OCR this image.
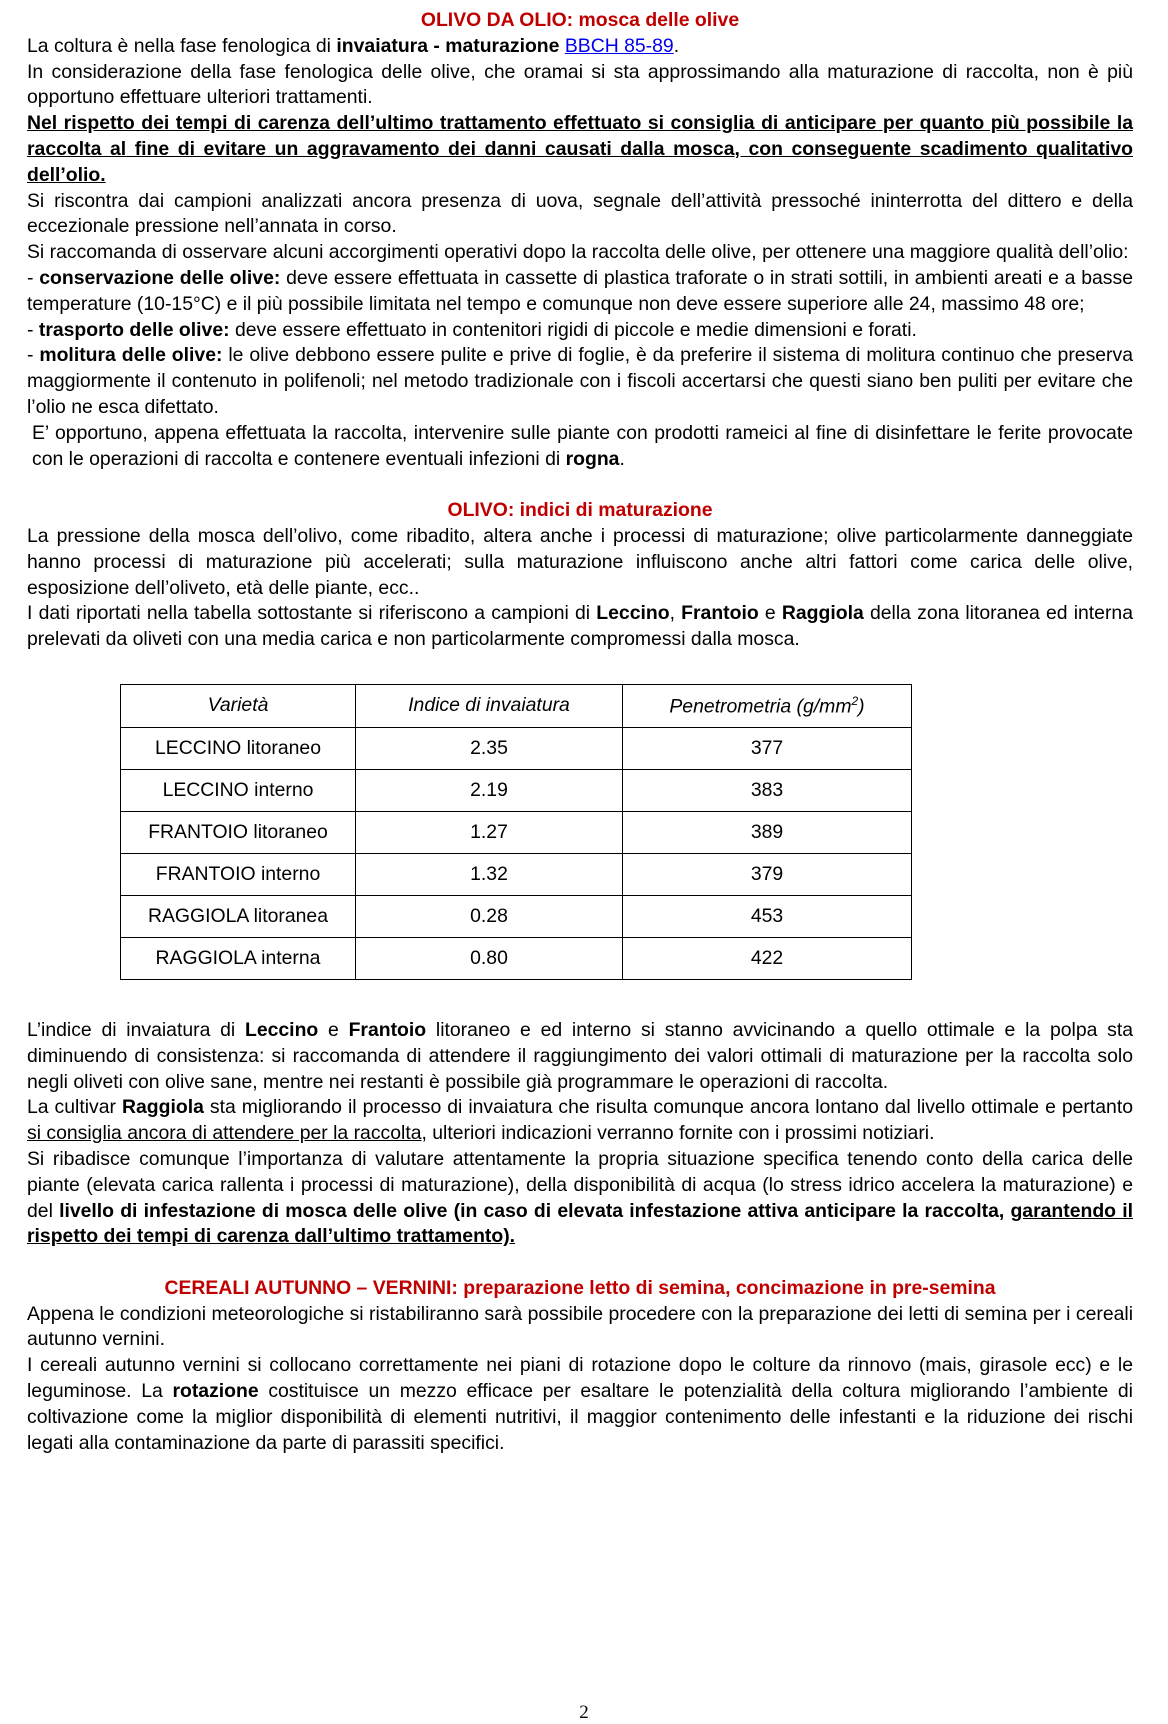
OLIVO DA OLIO: mosca delle olive

La coltura è nella fase fenologica di invaiatura - maturazione BBCH 85-89.

In considerazione della fase fenologica delle olive, che oramai si sta approssimando alla maturazione di raccolta, non è più opportuno effettuare ulteriori trattamenti.

Nel rispetto dei tempi di carenza dell’ultimo trattamento effettuato si consiglia di anticipare per quanto più possibile la raccolta al fine di evitare un aggravamento dei danni causati dalla mosca, con conseguente scadimento qualitativo dell’olio.

Si riscontra dai campioni analizzati ancora presenza di uova, segnale dell’attività pressoché ininterrotta del dittero e della eccezionale pressione nell’annata in corso.

Si raccomanda di osservare alcuni accorgimenti operativi dopo la raccolta delle olive, per ottenere una maggiore qualità dell’olio:

- conservazione delle olive: deve essere effettuata in cassette di plastica traforate o in strati sottili, in ambienti areati e a basse temperature (10-15°C) e il più possibile limitata nel tempo e comunque non deve essere superiore alle 24, massimo 48 ore;

- trasporto delle olive: deve essere effettuato in contenitori rigidi di piccole e medie dimensioni e forati.

- molitura delle olive: le olive debbono essere pulite e prive di foglie, è da preferire il sistema di molitura continuo che preserva maggiormente il contenuto in polifenoli; nel metodo tradizionale con i fiscoli accertarsi che questi siano ben puliti per evitare che l’olio ne esca difettato.

E’ opportuno, appena effettuata la raccolta, intervenire sulle piante con prodotti rameici al fine di disinfettare le ferite provocate con le operazioni di raccolta e contenere eventuali infezioni di rogna.

OLIVO: indici di maturazione

La pressione della mosca dell’olivo, come ribadito, altera anche i processi di maturazione; olive particolarmente danneggiate hanno processi di maturazione più accelerati; sulla maturazione influiscono anche altri fattori come carica delle olive, esposizione dell’oliveto, età delle piante, ecc..

I dati riportati nella tabella sottostante si riferiscono a campioni di Leccino, Frantoio e Raggiola della zona litoranea ed interna prelevati da oliveti con una media carica e non particolarmente compromessi dalla mosca.

Varietà	Indice di invaiatura	Penetrometria $(g/mm^2)$
LECCINO litoraneo	2.35	377
LECCINO interno	2.19	383
FRANTOIO litoraneo	1.27	389
FRANTOIO interno	1.32	379
RAGGIOLA litoranea	0.28	453
RAGGIOLA interna	0.80	422

L’indice di invaiatura di Leccino e Frantoio litoraneo e ed interno si stanno avvicinando a quello ottimale e la polpa sta diminuendo di consistenza: si raccomanda di attendere il raggiungimento dei valori ottimali di maturazione per la raccolta solo negli oliveti con olive sane, mentre nei restanti è possibile già programmare le operazioni di raccolta.

La cultivar Raggiola sta migliorando il processo di invaiatura che risulta comunque ancora lontano dal livello ottimale e pertanto si consiglia ancora di attendere per la raccolta, ulteriori indicazioni verranno fornite con i prossimi notiziari.

Si ribadisce comunque l’importanza di valutare attentamente la propria situazione specifica tenendo conto della carica delle piante (elevata carica rallenta i processi di maturazione), della disponibilità di acqua (lo stress idrico accelera la maturazione) e del livello di infestazione di mosca delle olive (in caso di elevata infestazione attiva anticipare la raccolta, garantendo il rispetto dei tempi di carenza dall’ultimo trattamento).

CEREALI AUTUNNO – VERNINI: preparazione letto di semina, concimazione in pre-semina

Appena le condizioni meteorologiche si ristabiliranno sarà possibile procedere con la preparazione dei letti di semina per i cereali autunno vernini.

I cereali autunno vernini si collocano correttamente nei piani di rotazione dopo le colture da rinnovo (mais, girasole ecc) e le leguminose. La rotazione costituisce un mezzo efficace per esaltare le potenzialità della coltura migliorando l’ambiente di coltivazione come la miglior disponibilità di elementi nutritivi, il maggior contenimento delle infestanti e la riduzione dei rischi legati alla contaminazione da parte di parassiti specifici.

2
